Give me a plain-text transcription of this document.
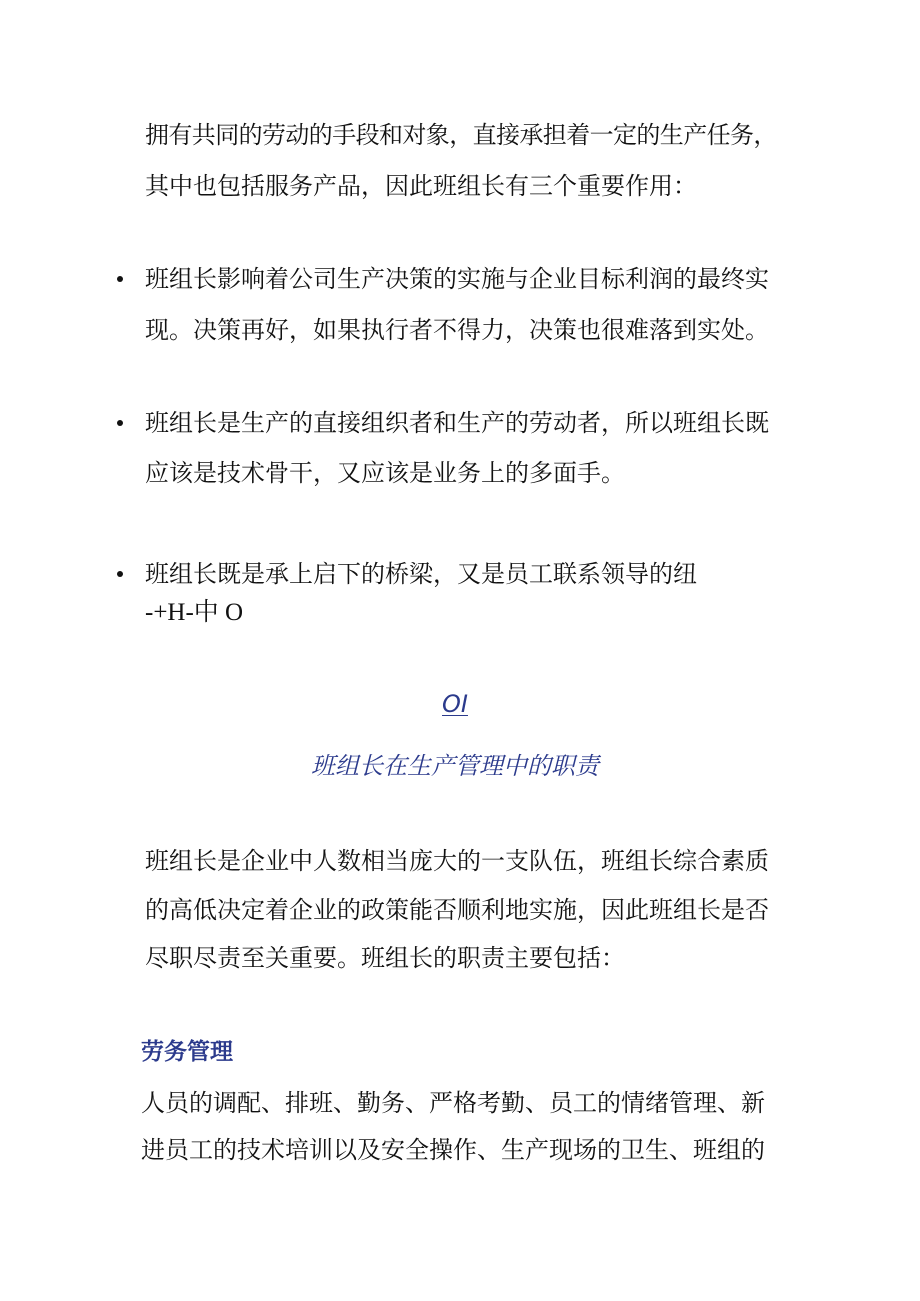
拥有共同的劳动的手段和对象，直接承担着一定的生产任务，
其中也包括服务产品，因此班组长有三个重要作用：
班组长影响着公司生产决策的实施与企业目标利润的最终实
现。决策再好，如果执行者不得力，决策也很难落到实处。
班组长是生产的直接组织者和生产的劳动者，所以班组长既
应该是技术骨干，又应该是业务上的多面手。
班组长既是承上启下的桥梁，又是员工联系领导的纽
-+H-中 O
OI
班组长在生产管理中的职责
班组长是企业中人数相当庞大的一支队伍，班组长综合素质
的高低决定着企业的政策能否顺利地实施，因此班组长是否
尽职尽责至关重要。班组长的职责主要包括：
劳务管理
人员的调配、排班、勤务、严格考勤、员工的情绪管理、新
进员工的技术培训以及安全操作、生产现场的卫生、班组的
